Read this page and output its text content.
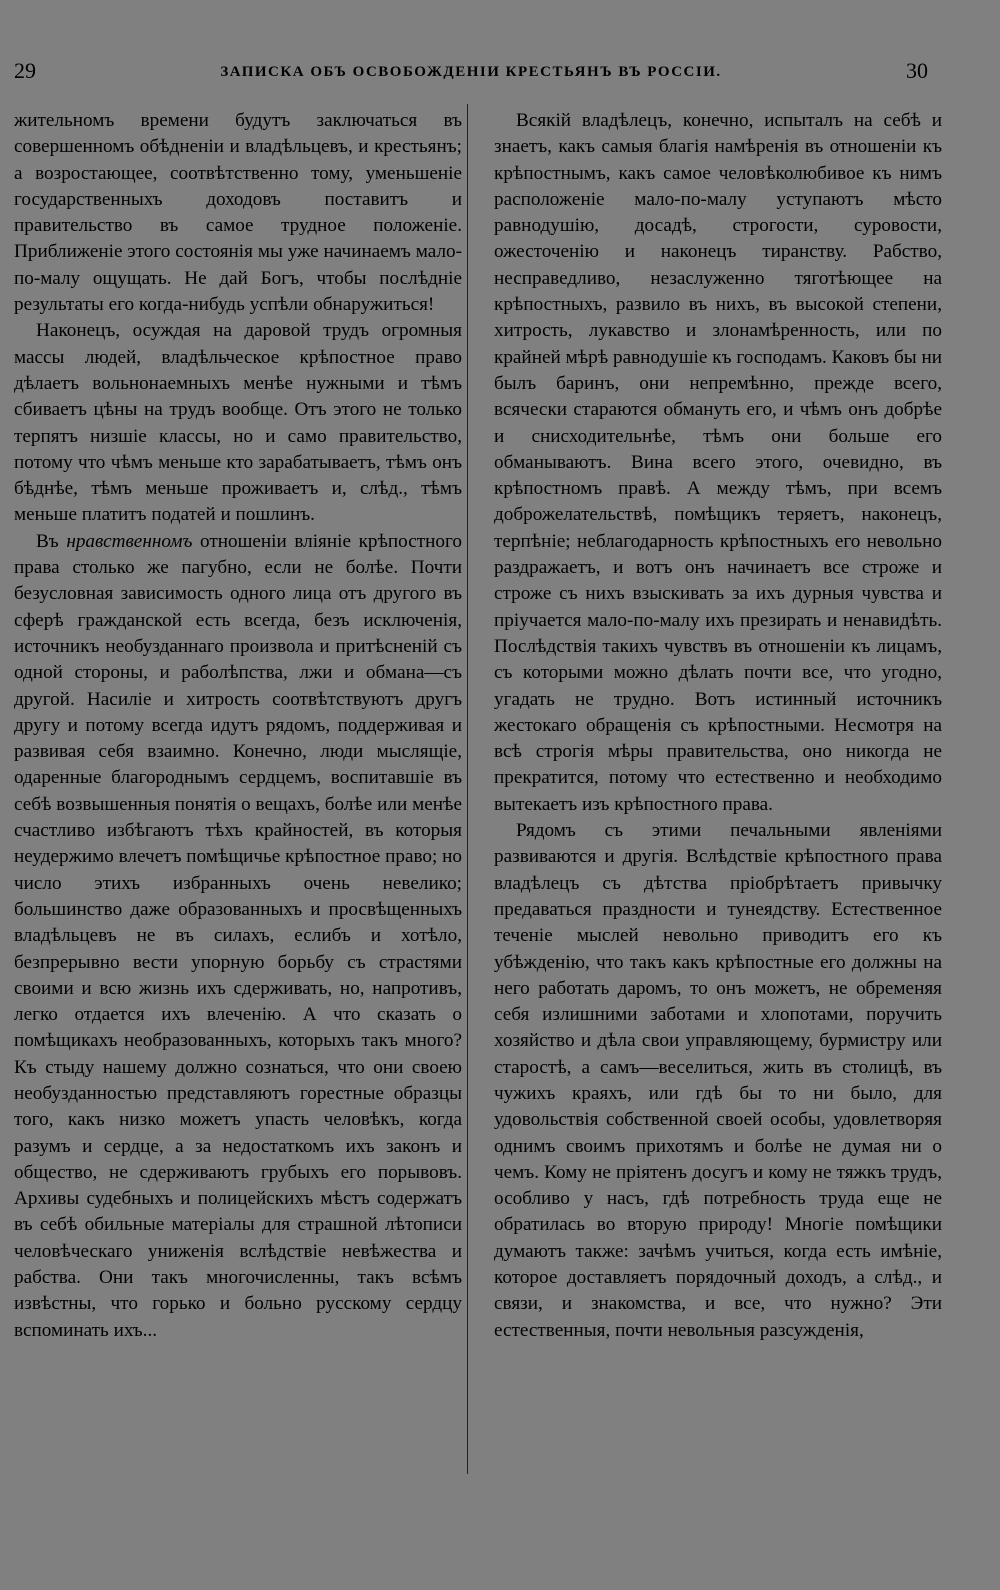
29	ЗАПИСКА ОБЪ ОСВОБОЖДЕНІИ КРЕСТЬЯНЪ ВЪ РОССІИ.	30

жительномъ времени будутъ заключаться въ совершенномъ обѣдненіи и владѣльцевъ, и крестьянъ; а возростающее, соотвѣтственно тому, уменьшеніе государственныхъ доходовъ поставитъ и правительство въ самое трудное положеніе. Приближеніе этого состоянія мы уже начинаемъ мало-по-малу ощущать. Не дай Богъ, чтобы послѣдніе результаты его когда-нибудь успѣли обнаружиться!

Наконецъ, осуждая на даровой трудъ огромныя массы людей, владѣльческое крѣпостное право дѣлаетъ вольнонаемныхъ менѣе нужными и тѣмъ сбиваетъ цѣны на трудъ вообще. Отъ этого не только терпятъ низшіе классы, но и само правительство, потому что чѣмъ меньше кто зарабатываетъ, тѣмъ онъ бѣднѣе, тѣмъ меньше проживаетъ и, слѣд., тѣмъ меньше платитъ податей и пошлинъ.

Въ нравственномъ отношеніи вліяніе крѣпостного права столько же пагубно, если не болѣе. Почти безусловная зависимость одного лица отъ другого въ сферѣ гражданской есть всегда, безъ исключенія, источникъ необузданнаго произвола и притѣсненій съ одной стороны, и раболѣпства, лжи и обмана—съ другой. Насиліе и хитрость соотвѣтствуютъ другъ другу и потому всегда идутъ рядомъ, поддерживая и развивая себя взаимно. Конечно, люди мыслящіе, одаренные благороднымъ сердцемъ, воспитавшіе въ себѣ возвышенныя понятія о вещахъ, болѣе или менѣе счастливо избѣгаютъ тѣхъ крайностей, въ которыя неудержимо влечетъ помѣщичье крѣпостное право; но число этихъ избранныхъ очень невелико; большинство даже образованныхъ и просвѣщенныхъ владѣльцевъ не въ силахъ, еслибъ и хотѣло, безпрерывно вести упорную борьбу съ страстями своими и всю жизнь ихъ сдерживать, но, напротивъ, легко отдается ихъ влеченію. А что сказать о помѣщикахъ необразованныхъ, которыхъ такъ много? Къ стыду нашему должно сознаться, что они своею необузданностью представляютъ горестные образцы того, какъ низко можетъ упасть человѣкъ, когда разумъ и сердце, а за недостаткомъ ихъ законъ и общество, не сдерживаютъ грубыхъ его порывовъ. Архивы судебныхъ и полицейскихъ мѣстъ содержатъ въ себѣ обильные матеріалы для страшной лѣтописи человѣческаго униженія вслѣдствіе невѣжества и рабства. Они такъ многочисленны, такъ всѣмъ извѣстны, что горько и больно русскому сердцу вспоминать ихъ...

Всякій владѣлецъ, конечно, испыталъ на себѣ и знаетъ, какъ самыя благія намѣренія въ отношеніи къ крѣпостнымъ, какъ самое человѣколюбивое къ нимъ расположеніе мало-по-малу уступаютъ мѣсто равнодушію, досадѣ, строгости, суровости, ожесточенію и наконецъ тиранству. Рабство, несправедливо, незаслуженно тяготѣющее на крѣпостныхъ, развило въ нихъ, въ высокой степени, хитрость, лукавство и злонамѣренность, или по крайней мѣрѣ равнодушіе къ господамъ. Каковъ бы ни былъ баринъ, они непремѣнно, прежде всего, всячески стараются обмануть его, и чѣмъ онъ добрѣе и снисходительнѣе, тѣмъ они больше его обманываютъ. Вина всего этого, очевидно, въ крѣпостномъ правѣ. А между тѣмъ, при всемъ доброжелательствѣ, помѣщикъ теряетъ, наконецъ, терпѣніе; неблагодарность крѣпостныхъ его невольно раздражаетъ, и вотъ онъ начинаетъ все строже и строже съ нихъ взыскивать за ихъ дурныя чувства и пріучается мало-по-малу ихъ презирать и ненавидѣть. Послѣдствія такихъ чувствъ въ отношеніи къ лицамъ, съ которыми можно дѣлать почти все, что угодно, угадать не трудно. Вотъ истинный источникъ жестокаго обращенія съ крѣпостными. Несмотря на всѣ строгія мѣры правительства, оно никогда не прекратится, потому что естественно и необходимо вытекаетъ изъ крѣпостного права.

Рядомъ съ этими печальными явленіями развиваются и другія. Вслѣдствіе крѣпостного права владѣлецъ съ дѣтства пріобрѣтаетъ привычку предаваться праздности и тунеядству. Естественное теченіе мыслей невольно приводитъ его къ убѣжденію, что такъ какъ крѣпостные его должны на него работать даромъ, то онъ можетъ, не обременяя себя излишними заботами и хлопотами, поручить хозяйство и дѣла свои управляющему, бурмистру или старостѣ, а самъ—веселиться, жить въ столицѣ, въ чужихъ краяхъ, или гдѣ бы то ни было, для удовольствія собственной своей особы, удовлетворяя однимъ своимъ прихотямъ и болѣе не думая ни о чемъ. Кому не пріятенъ досугъ и кому не тяжкъ трудъ, особливо у насъ, гдѣ потребность труда еще не обратилась во вторую природу! Многіе помѣщики думаютъ также: зачѣмъ учиться, когда есть имѣніе, которое доставляетъ порядочный доходъ, а слѣд., и связи, и знакомства, и все, что нужно? Эти естественныя, почти невольныя разсужденія,
